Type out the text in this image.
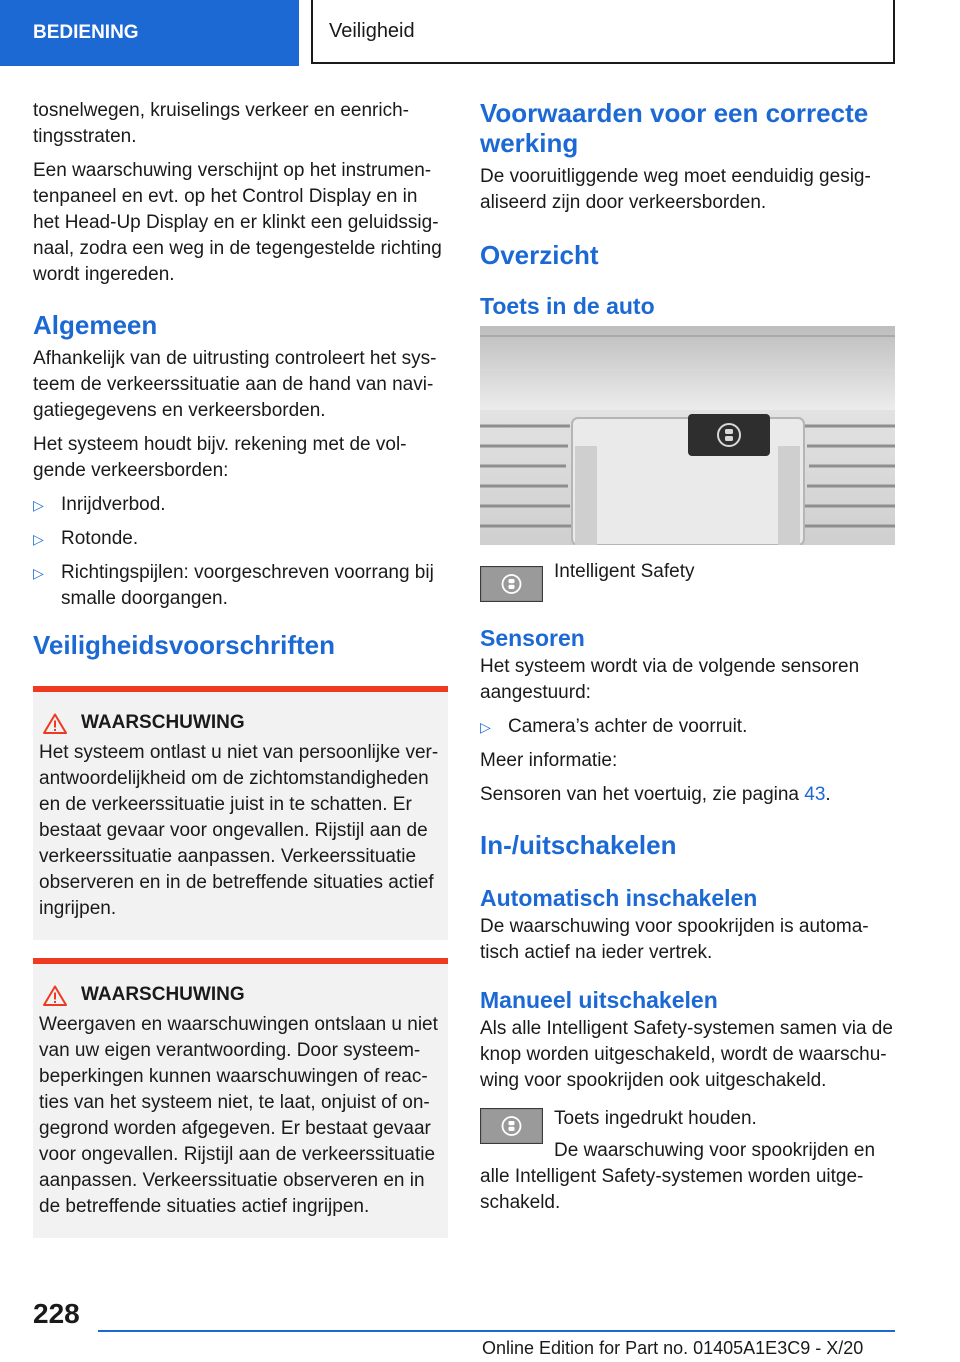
BEDIENING	Veiligheid

tosnelwegen, kruiselings verkeer en eenrich-
tingsstraten.

Een waarschuwing verschijnt op het instrumen-
tenpaneel en evt. op het Control Display en in
het Head-Up Display en er klinkt een geluidssig-
naal, zodra een weg in de tegengestelde richting
wordt ingereden.

Algemeen

Afhankelijk van de uitrusting controleert het sys-
teem de verkeerssituatie aan de hand van navi-
gatiegegevens en verkeersborden.

Het systeem houdt bijv. rekening met de vol-
gende verkeersborden:

▷ Inrijdverbod.
▷ Rotonde.
▷ Richtingspijlen: voorgeschreven voorrang bij
smalle doorgangen.
Veiligheidsvoorschriften
WAARSCHUWING

Het systeem ontlast u niet van persoonlijke ver-
antwoordelijkheid om de zichtomstandigheden
en de verkeerssituatie juist in te schatten. Er
bestaat gevaar voor ongevallen. Rijstijl aan de
verkeerssituatie aanpassen. Verkeerssituatie
observeren en in de betreffende situaties actief
ingrijpen.

WAARSCHUWING

Weergaven en waarschuwingen ontslaan u niet
van uw eigen verantwoording. Door systeem-
beperkingen kunnen waarschuwingen of reac-
ties van het systeem niet, te laat, onjuist of on-
gegrond worden afgegeven. Er bestaat gevaar
voor ongevallen. Rijstijl aan de verkeerssituatie
aanpassen. Verkeerssituatie observeren en in
de betreffende situaties actief ingrijpen.

Voorwaarden voor een correcte
werking

De vooruitliggende weg moet eenduidig gesig-
aliseerd zijn door verkeersborden.

Overzicht
Toets in de auto

Intelligent Safety

Sensoren

Het systeem wordt via de volgende sensoren
aangestuurd:

▷ Camera’s achter de voorruit.

Meer informatie:

Sensoren van het voertuig, zie pagina 43.

In-/uitschakelen
Automatisch inschakelen

De waarschuwing voor spookrijden is automa-
tisch actief na ieder vertrek.

Manueel uitschakelen

Als alle Intelligent Safety-systemen samen via de
knop worden uitgeschakeld, wordt de waarschu-
wing voor spookrijden ook uitgeschakeld.

Toets ingedrukt houden.

De waarschuwing voor spookrijden en
alle Intelligent Safety-systemen worden uitge-
schakeld.

228
Online Edition for Part no. 01405A1E3C9 - X/20
